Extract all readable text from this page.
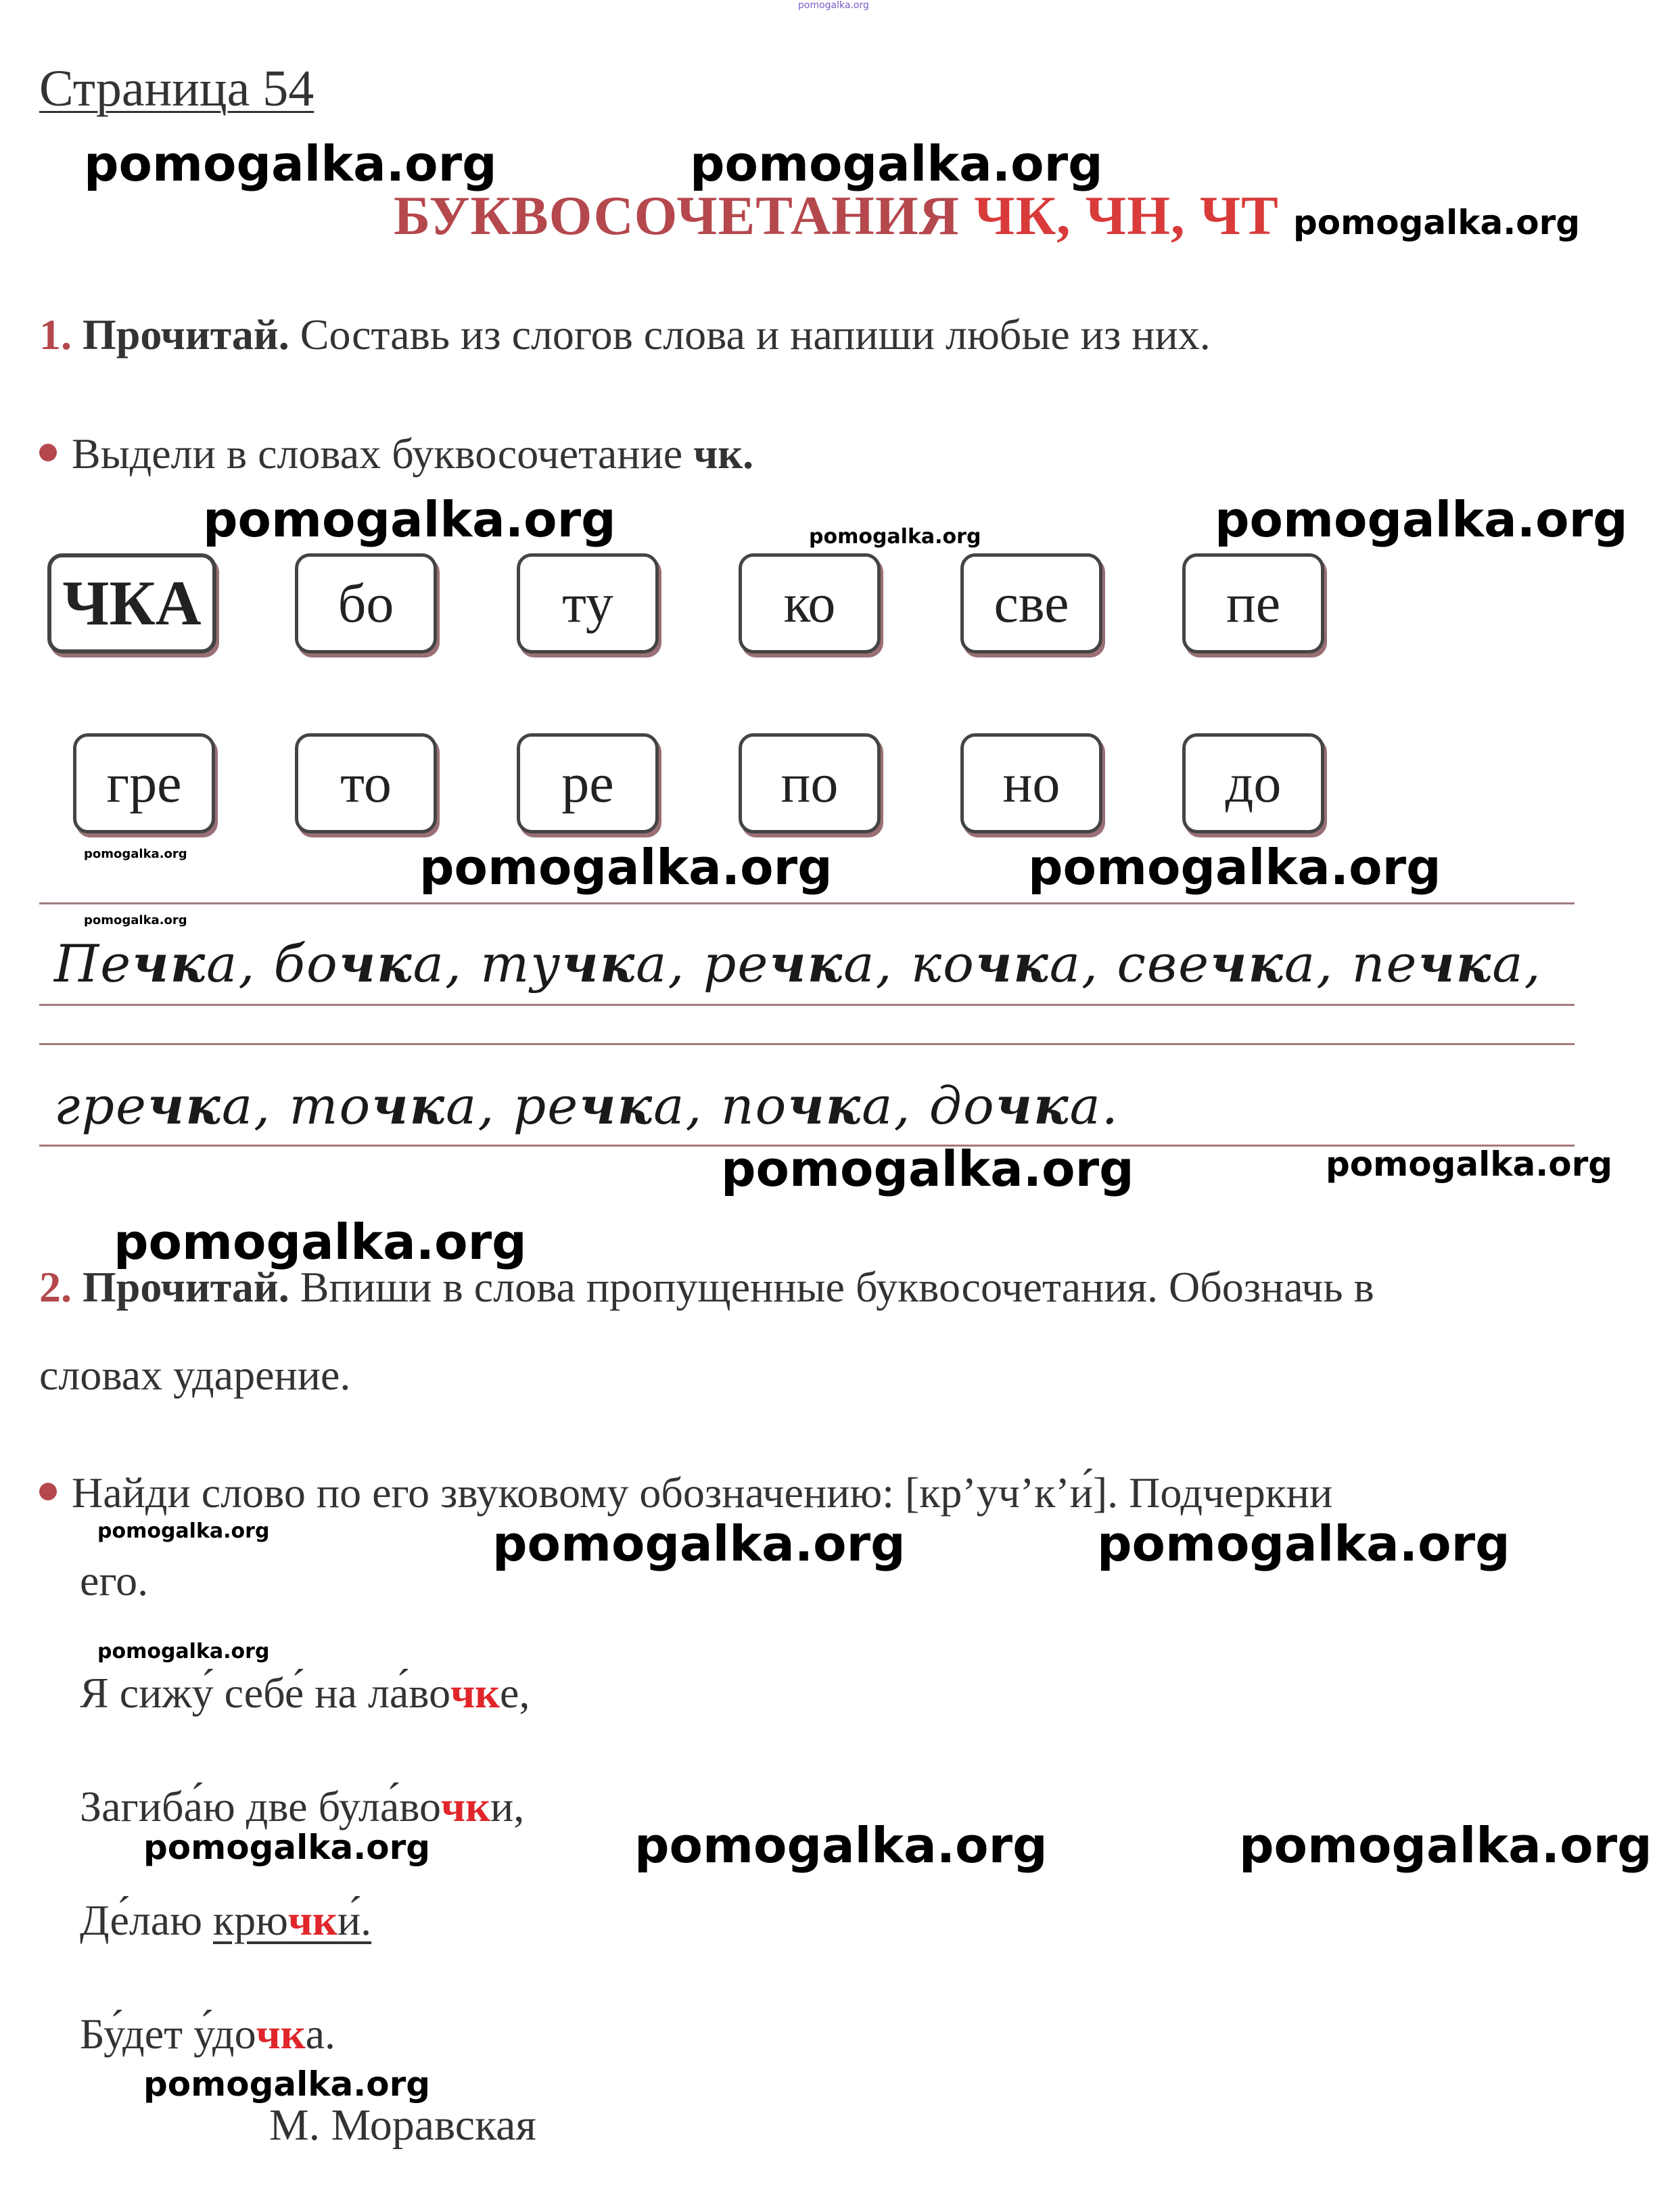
pomogalka.org
Страница 54
pomogalka.org	pomogalka.org
БУКВОСОЧЕТАНИЯ ЧК, ЧН, ЧТ pomogalka.org
1. Прочитай. Составь из слогов слова и напиши любые из них.
Выдели в словах буквосочетание чк.
pomogalka.org	pomogalka.org	pomogalka.org
ЧКА	бо	ту	ко	све	пе
гре	то	ре	по	но	до
pomogalka.org	pomogalka.org	pomogalka.org
pomogalka.org
Печка, бочка, тучка, речка, кочка, свечка, печка,
гречка, точка, речка, почка, дочка.
pomogalka.org	pomogalka.org
pomogalka.org
2. Прочитай. Впиши в слова пропущенные буквосочетания. Обозначь в
словах ударение.
Найди слово по его звуковому обозначению: [кр’уч’к’и́]. Подчеркни
pomogalka.org	pomogalka.org	pomogalka.org
его.
pomogalka.org
Я сижу́ себе́ на ла́вочке,
Загиба́ю две була́вочки,
pomogalka.org	pomogalka.org	pomogalka.org
Де́лаю крючки́.
Бу́дет у́дочка.
pomogalka.org
М. Моравская
